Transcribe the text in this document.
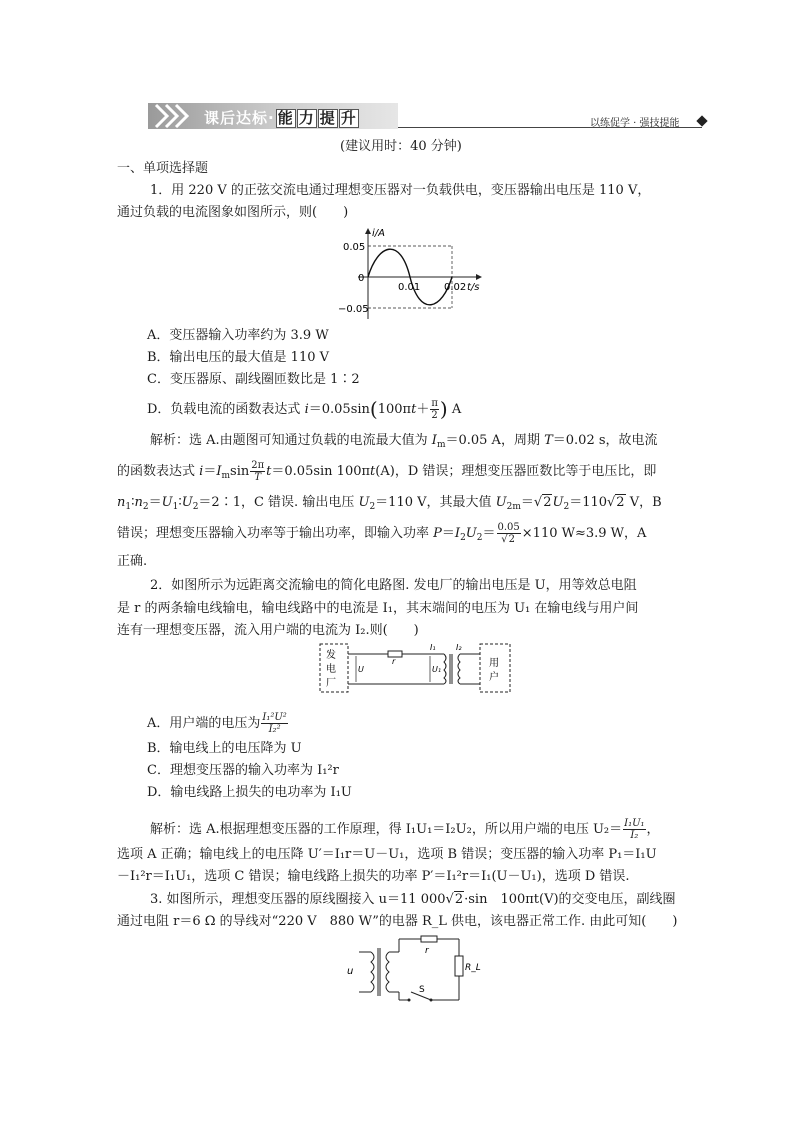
课后达标· 能 力 提 升	以练促学 · 强技提能
(建议用时：40 分钟)
一、单项选择题
1．用 220 V 的正弦交流电通过理想变压器对一负载供电，变压器输出电压是 110 V，
通过负载的电流图象如图所示，则(　　)
i/A
0.05
0
−0.05
0.01 0.02 t/s
A．变压器输入功率约为 3.9 W
B．输出电压的最大值是 110 V
C．变压器原、副线圈匝数比是 1∶2
D．负载电流的函数表达式 $i=0.05\sin(100\pi t+ \frac{\pi}{2}$ ) A
解析：选 A.由题图可知通过负载的电流最大值为 $I_m=0.05$ A，周期 T＝0.02 s，故电流
的函数表达式 $i=I_m\sin \frac{2\pi}{T} t=0.05\sin$ 100πt(A)，D 错误；理想变压器匝数比等于电压比，即
$n_1∶n_2=U_1∶U_2=2∶1$，C 错误. 输出电压 $U_2=110$ V，其最大值 $U_{2m}=√2U_2=110√2$ V，B
错误；理想变压器输入功率等于输出功率，即输入功率 $P=I_2U_2= \frac{0.05}{√2} \times 110$ W≈3.9 W，A
正确.
2．如图所示为远距离交流输电的简化电路图. 发电厂的输出电压是 U，用等效总电阻
是 r 的两条输电线输电，输电线路中的电流是 I₁，其末端间的电压为 U₁ 在输电线与用户间
连有一理想变压器，流入用户端的电流为 I₂.则(　　)
发
电
厂
r
U	U₁
I₁	I₂
用
户
A．用户端的电压为 $\frac{\text{I₁²U²}}{\text{I₂²}}$
B．输电线上的电压降为 U
C．理想变压器的输入功率为 I₁²r
D．输电线路上损失的电功率为 I₁U
解析：选 A.根据理想变压器的工作原理，得 I₁U₁＝I₂U₂，所以用户端的电压 $U_2= \frac{\text{I₁U₁}}{\text{I₂}}$ ，
选项 A 正确；输电线上的电压降 U′＝I₁r＝U－U₁，选项 B 错误；变压器的输入功率 P₁＝I₁U
－I₁²r＝I₁U₁，选项 C 错误；输电线路上损失的功率 P′＝I₁²r＝I₁(U－U₁)，选项 D 错误.
3. 如图所示，理想变压器的原线圈接入 u＝11 000√2·sin　100πt(V)的交变电压，副线圈
通过电阻 r＝6 Ω 的导线对“220 V　880 W”的电器 R_L 供电，该电器正常工作. 由此可知(　　)
u
r
R_L
S
